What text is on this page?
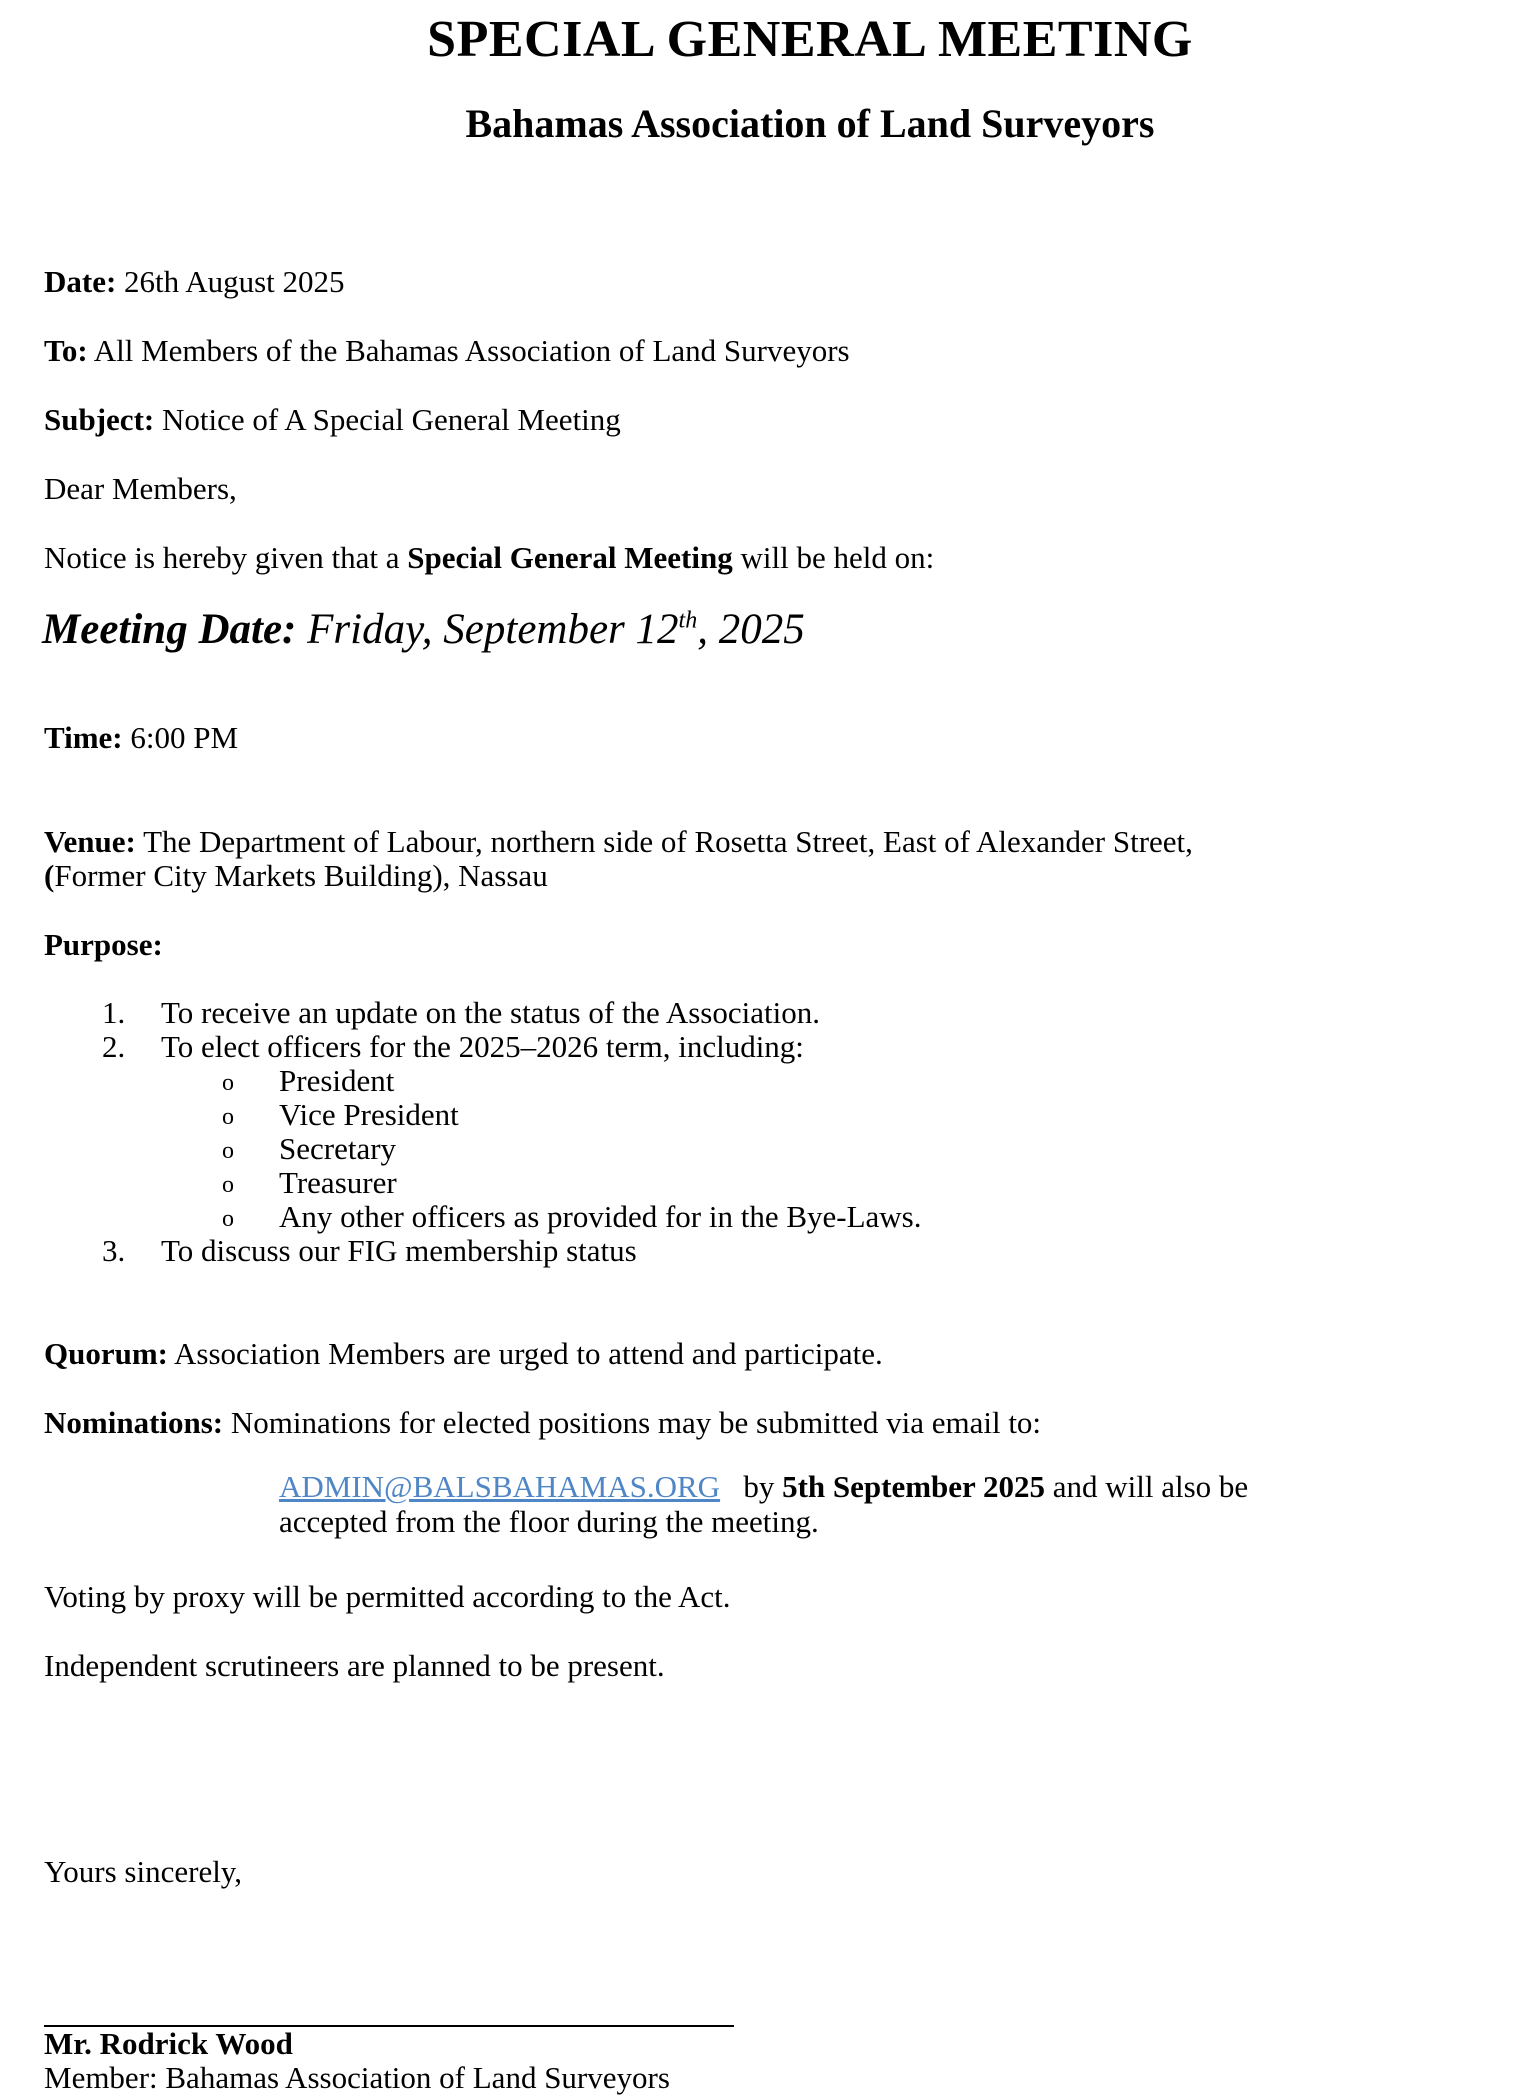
SPECIAL GENERAL MEETING
Bahamas Association of Land Surveyors
Date: 26th August 2025
To: All Members of the Bahamas Association of Land Surveyors
Subject: Notice of A Special General Meeting
Dear Members,
Notice is hereby given that a Special General Meeting will be held on:
Meeting Date: Friday, September 12th, 2025
Time: 6:00 PM
Venue: The Department of Labour, northern side of Rosetta Street, East of Alexander Street,
(Former City Markets Building), Nassau
Purpose:
1. To receive an update on the status of the Association.
2. To elect officers for the 2025–2026 term, including:
o President
o Vice President
o Secretary
o Treasurer
o Any other officers as provided for in the Bye-Laws.
3. To discuss our FIG membership status
Quorum: Association Members are urged to attend and participate.
Nominations: Nominations for elected positions may be submitted via email to:
ADMIN@BALSBAHAMAS.ORG by 5th September 2025 and will also be
accepted from the floor during the meeting.
Voting by proxy will be permitted according to the Act.
Independent scrutineers are planned to be present.
Yours sincerely,
Mr. Rodrick Wood
Member: Bahamas Association of Land Surveyors
